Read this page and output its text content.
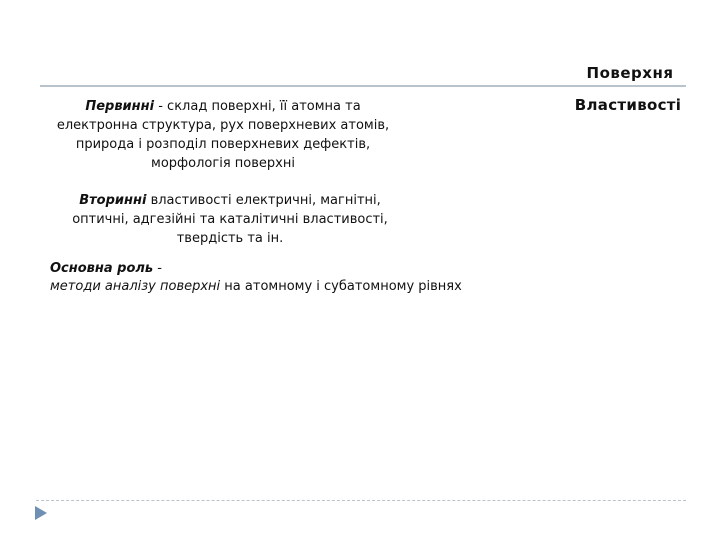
Поверхня
Властивості
Первинні - склад поверхні, її атомна та електронна структура, рух поверхневих атомів, природа і розподіл поверхневих дефектів, морфологія поверхні
Вторинні властивості електричні, магнітні, оптичні, адгезійні та каталітичні властивості, твердість та ін.
Основна роль -
методи аналізу поверхні на атомному і субатомному рівнях
